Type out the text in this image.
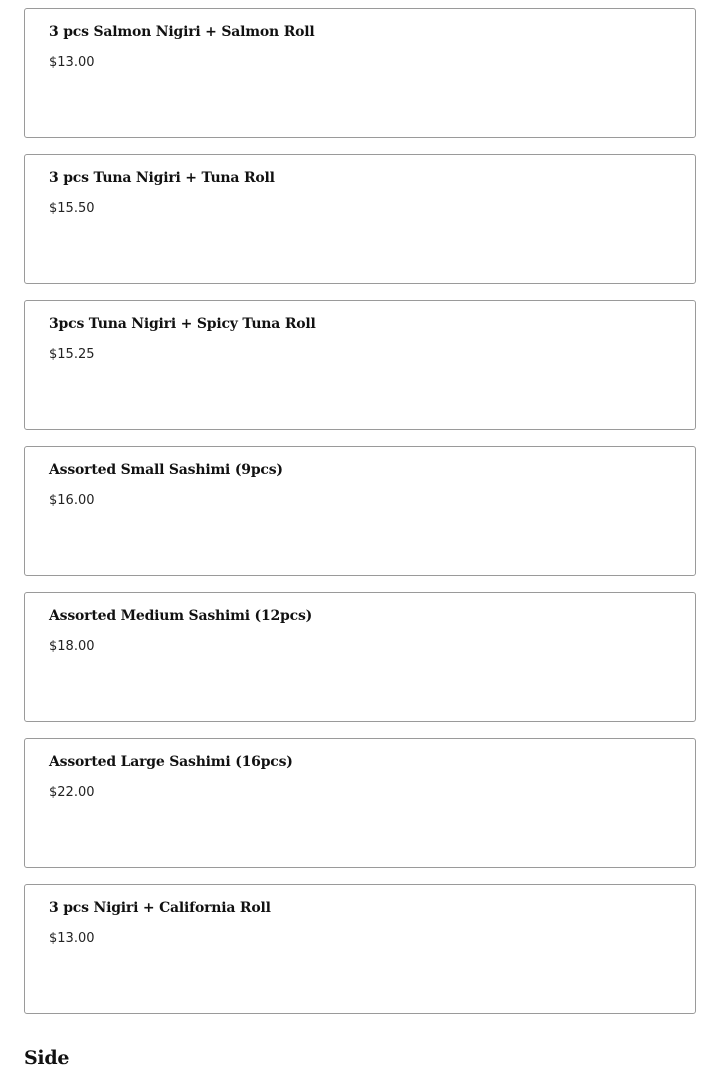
3 pcs Salmon Nigiri + Salmon Roll
$13.00
3 pcs Tuna Nigiri + Tuna Roll
$15.50
3pcs Tuna Nigiri + Spicy Tuna Roll
$15.25
Assorted Small Sashimi (9pcs)
$16.00
Assorted Medium Sashimi (12pcs)
$18.00
Assorted Large Sashimi (16pcs)
$22.00
3 pcs Nigiri + California Roll
$13.00
Side
